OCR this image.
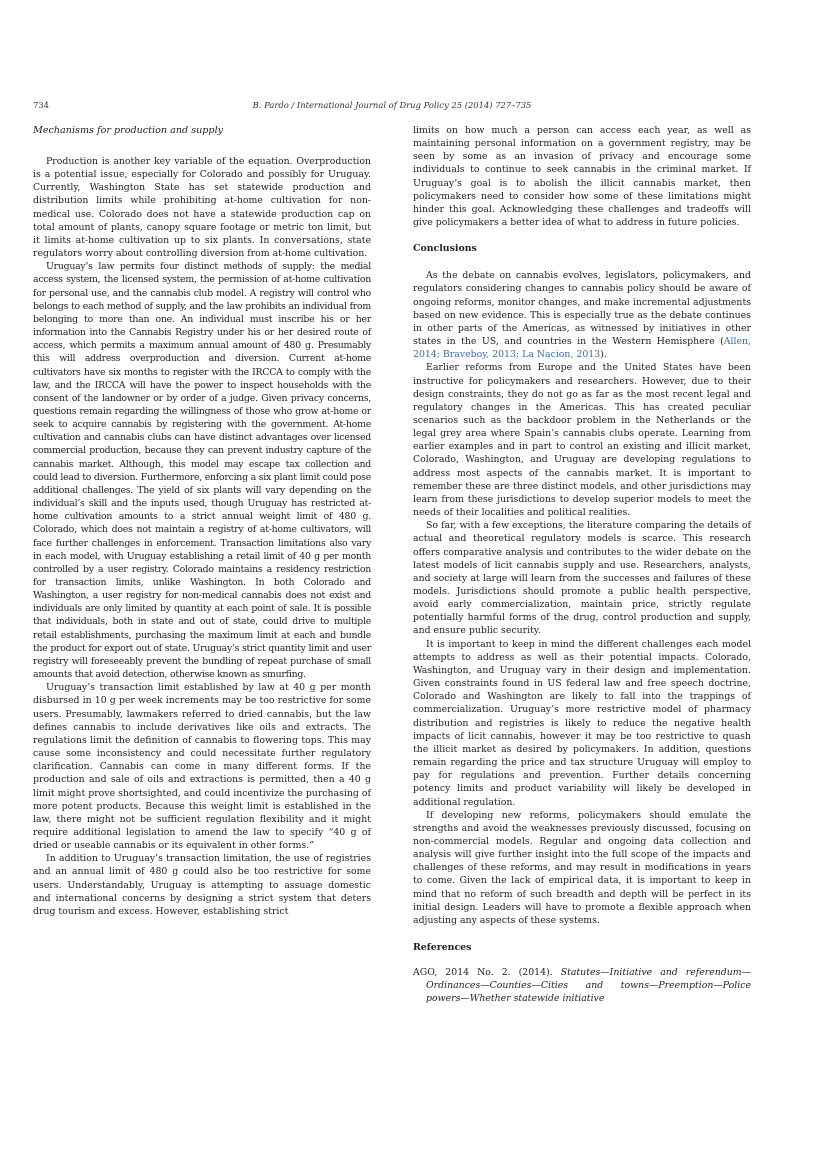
734	B. Pardo / International Journal of Drug Policy 25 (2014) 727–735
Mechanisms for production and supply

Production is another key variable of the equation. Overproduction is a potential issue, especially for Colorado and possibly for Uruguay. Currently, Washington State has set statewide production and distribution limits while prohibiting at-home cultivation for non-medical use. Colorado does not have a statewide production cap on total amount of plants, canopy square footage or metric ton limit, but it limits at-home cultivation up to six plants. In conversations, state regulators worry about controlling diversion from at-home cultivation.

Uruguay’s law permits four distinct methods of supply: the medial access system, the licensed system, the permission of at-home cultivation for personal use, and the cannabis club model. A registry will control who belongs to each method of supply, and the law prohibits an individual from belonging to more than one. An individual must inscribe his or her information into the Cannabis Registry under his or her desired route of access, which permits a maximum annual amount of 480 g. Presumably this will address overproduction and diversion. Current at-home cultivators have six months to register with the IRCCA to comply with the law, and the IRCCA will have the power to inspect households with the consent of the landowner or by order of a judge. Given privacy concerns, questions remain regarding the willingness of those who grow at-home or seek to acquire cannabis by registering with the government. At-home cultivation and cannabis clubs can have distinct advantages over licensed commercial production, because they can prevent industry capture of the cannabis market. Although, this model may escape tax collection and could lead to diversion. Furthermore, enforcing a six plant limit could pose additional challenges. The yield of six plants will vary depending on the individual’s skill and the inputs used, though Uruguay has restricted at-home cultivation amounts to a strict annual weight limit of 480 g. Colorado, which does not maintain a registry of at-home cultivators, will face further challenges in enforcement. Transaction limitations also vary in each model, with Uruguay establishing a retail limit of 40 g per month controlled by a user registry. Colorado maintains a residency restriction for transaction limits, unlike Washington. In both Colorado and Washington, a user registry for non-medical cannabis does not exist and individuals are only limited by quantity at each point of sale. It is possible that individuals, both in state and out of state, could drive to multiple retail establishments, purchasing the maximum limit at each and bundle the product for export out of state. Uruguay’s strict quantity limit and user registry will foreseeably prevent the bundling of repeat purchase of small amounts that avoid detection, otherwise known as smurfing.

Uruguay’s transaction limit established by law at 40 g per month disbursed in 10 g per week increments may be too restrictive for some users. Presumably, lawmakers referred to dried cannabis, but the law defines cannabis to include derivatives like oils and extracts. The regulations limit the definition of cannabis to flowering tops. This may cause some inconsistency and could necessitate further regulatory clarification. Cannabis can come in many different forms. If the production and sale of oils and extractions is permitted, then a 40 g limit might prove shortsighted, and could incentivize the purchasing of more potent products. Because this weight limit is established in the law, there might not be sufficient regulation flexibility and it might require additional legislation to amend the law to specify “40 g of dried or useable cannabis or its equivalent in other forms.”

In addition to Uruguay’s transaction limitation, the use of registries and an annual limit of 480 g could also be too restrictive for some users. Understandably, Uruguay is attempting to assuage domestic and international concerns by designing a strict system that deters drug tourism and excess. However, establishing strict

limits on how much a person can access each year, as well as maintaining personal information on a government registry, may be seen by some as an invasion of privacy and encourage some individuals to continue to seek cannabis in the criminal market. If Uruguay’s goal is to abolish the illicit cannabis market, then policymakers need to consider how some of these limitations might hinder this goal. Acknowledging these challenges and tradeoffs will give policymakers a better idea of what to address in future policies.

Conclusions

As the debate on cannabis evolves, legislators, policymakers, and regulators considering changes to cannabis policy should be aware of ongoing reforms, monitor changes, and make incremental adjustments based on new evidence. This is especially true as the debate continues in other parts of the Americas, as witnessed by initiatives in other states in the US, and countries in the Western Hemisphere (Allen, 2014; Braveboy, 2013; La Nacion, 2013).

Earlier reforms from Europe and the United States have been instructive for policymakers and researchers. However, due to their design constraints, they do not go as far as the most recent legal and regulatory changes in the Americas. This has created peculiar scenarios such as the backdoor problem in the Netherlands or the legal grey area where Spain’s cannabis clubs operate. Learning from earlier examples and in part to control an existing and illicit market, Colorado, Washington, and Uruguay are developing regulations to address most aspects of the cannabis market. It is important to remember these are three distinct models, and other jurisdictions may learn from these jurisdictions to develop superior models to meet the needs of their localities and political realities.

So far, with a few exceptions, the literature comparing the details of actual and theoretical regulatory models is scarce. This research offers comparative analysis and contributes to the wider debate on the latest models of licit cannabis supply and use. Researchers, analysts, and society at large will learn from the successes and failures of these models. Jurisdictions should promote a public health perspective, avoid early commercialization, maintain price, strictly regulate potentially harmful forms of the drug, control production and supply, and ensure public security.

It is important to keep in mind the different challenges each model attempts to address as well as their potential impacts. Colorado, Washington, and Uruguay vary in their design and implementation. Given constraints found in US federal law and free speech doctrine, Colorado and Washington are likely to fall into the trappings of commercialization. Uruguay’s more restrictive model of pharmacy distribution and registries is likely to reduce the negative health impacts of licit cannabis, however it may be too restrictive to quash the illicit market as desired by policymakers. In addition, questions remain regarding the price and tax structure Uruguay will employ to pay for regulations and prevention. Further details concerning potency limits and product variability will likely be developed in additional regulation.

If developing new reforms, policymakers should emulate the strengths and avoid the weaknesses previously discussed, focusing on non-commercial models. Regular and ongoing data collection and analysis will give further insight into the full scope of the impacts and challenges of these reforms, and may result in modifications in years to come. Given the lack of empirical data, it is important to keep in mind that no reform of such breadth and depth will be perfect in its initial design. Leaders will have to promote a flexible approach when adjusting any aspects of these systems.

References

AGO, 2014 No. 2. (2014). Statutes—Initiative and referendum—Ordinances—Counties—Cities and towns—Preemption—Police powers—Whether statewide initiative
